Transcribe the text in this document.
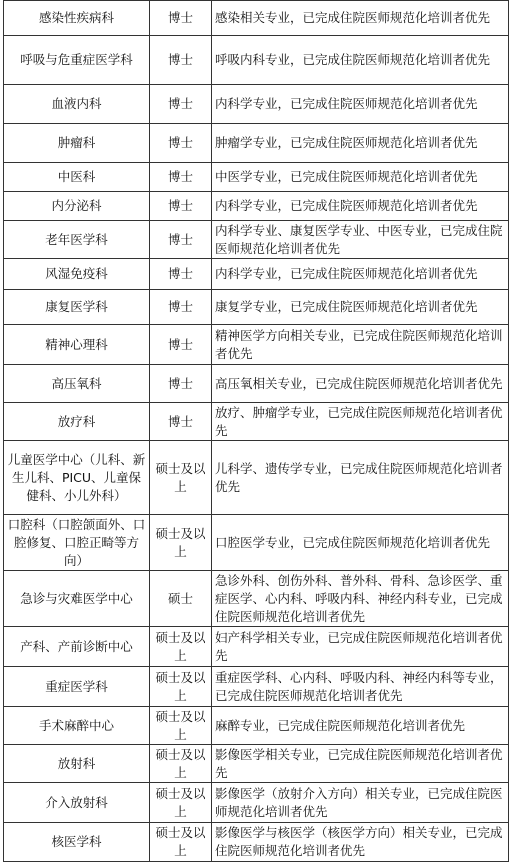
感染性疾病科	博士	感染相关专业，已完成住院医师规范化培训者优先
呼吸与危重症医学科	博士	呼吸内科专业，已完成住院医师规范化培训者优先
血液内科	博士	内科学专业，已完成住院医师规范化培训者优先
肿瘤科	博士	肿瘤学专业，已完成住院医师规范化培训者优先
中医科	博士	中医学专业，已完成住院医师规范化培训者优先
内分泌科	博士	内科学专业，已完成住院医师规范化培训者优先
老年医学科	博士	内科学专业、康复医学专业、中医专业，已完成住院医师规范化培训者优先
风湿免疫科	博士	内科学专业，已完成住院医师规范化培训者优先
康复医学科	博士	康复学专业，已完成住院医师规范化培训者优先
精神心理科	博士	精神医学方向相关专业，已完成住院医师规范化培训者优先
高压氧科	博士	高压氧相关专业，已完成住院医师规范化培训者优先
放疗科	博士	放疗、肿瘤学专业，已完成住院医师规范化培训者优先
儿童医学中心（儿科、新生儿科、PICU、儿童保健科、小儿外科）	硕士及以上	儿科学、遗传学专业，已完成住院医师规范化培训者优先
口腔科（口腔颌面外、口腔修复、口腔正畸等方向）	硕士及以上	口腔医学专业，已完成住院医师规范化培训者优先
急诊与灾难医学中心	硕士	急诊外科、创伤外科、普外科、骨科、急诊医学、重症医学、心内科、呼吸内科、神经内科专业，已完成住院医师规范化培训者优先
产科、产前诊断中心	硕士及以上	妇产科学相关专业，已完成住院医师规范化培训者优先
重症医学科	硕士及以上	重症医学科、心内科、呼吸内科、神经内科等专业，已完成住院医师规范化培训者优先
手术麻醉中心	硕士及以上	麻醉专业，已完成住院医师规范化培训者优先
放射科	硕士及以上	影像医学相关专业，已完成住院医师规范化培训者优先
介入放射科	硕士及以上	影像医学（放射介入方向）相关专业，已完成住院医师规范化培训者优先
核医学科	硕士及以上	影像医学与核医学（核医学方向）相关专业，已完成住院医师规范化培训者优先
